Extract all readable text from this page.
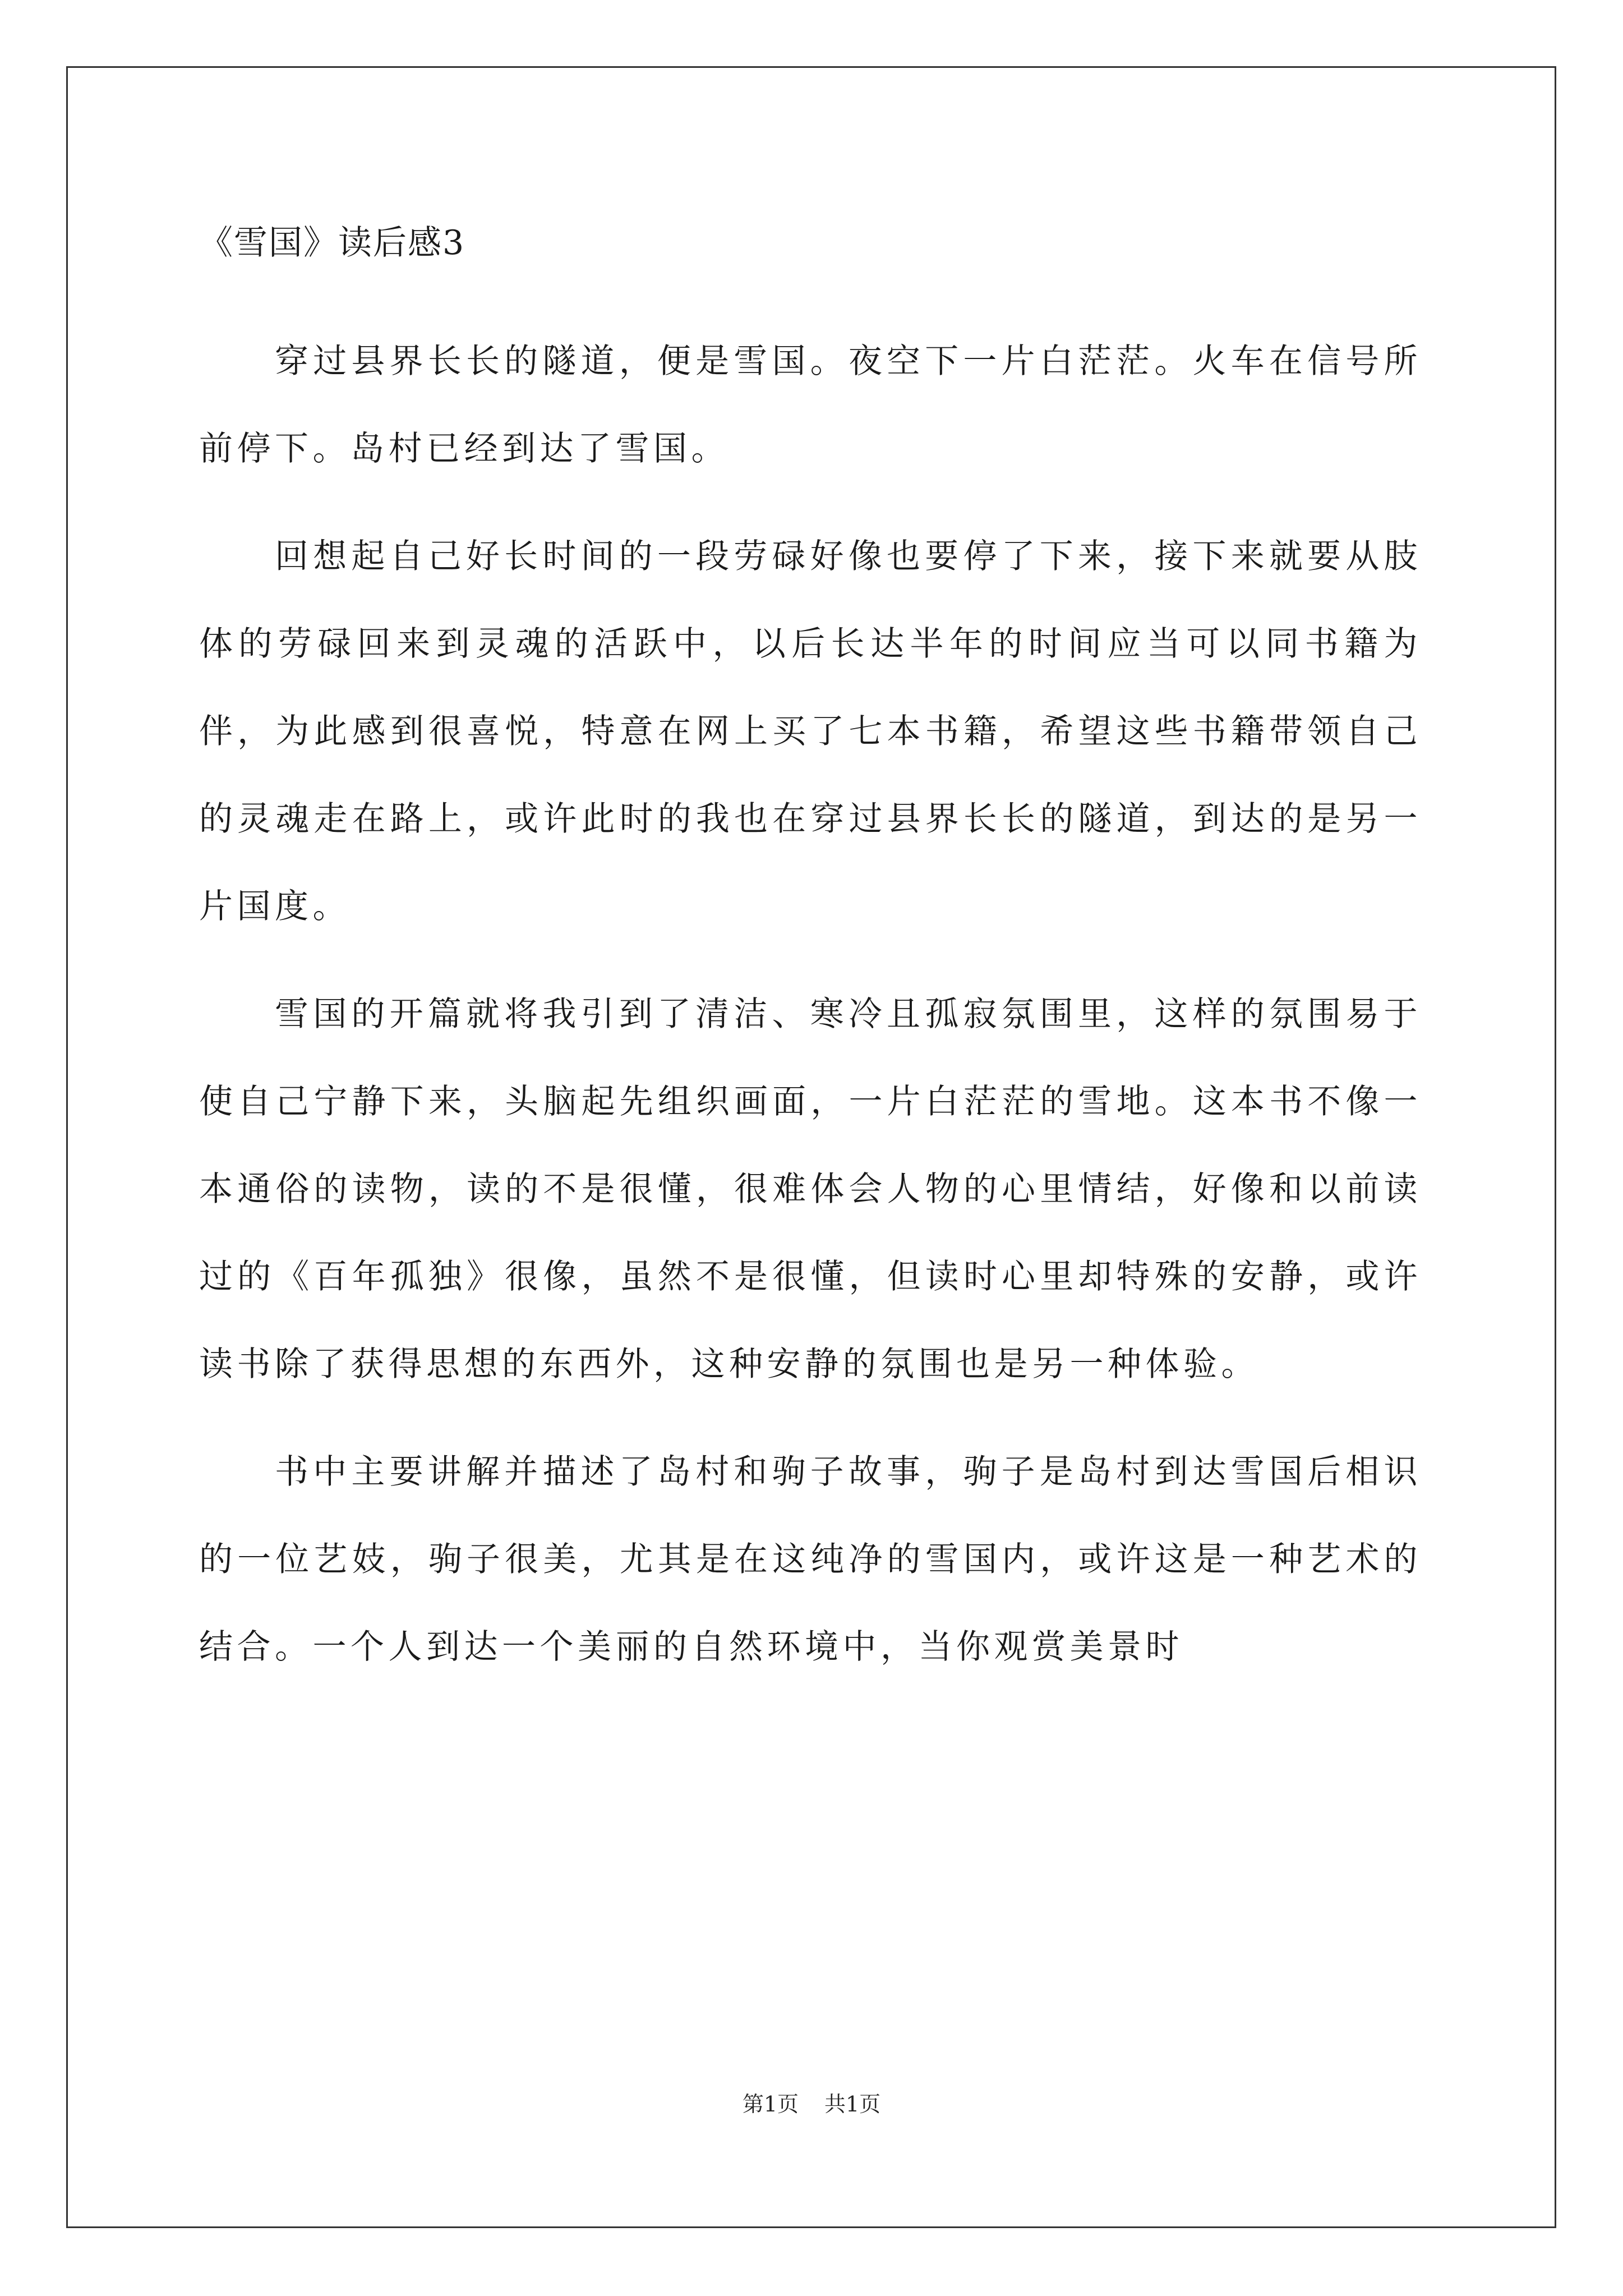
《雪国》读后感3

穿过县界长长的隧道，便是雪国。夜空下一片白茫茫。火车在信号所前停下。岛村已经到达了雪国。

回想起自己好长时间的一段劳碌好像也要停了下来，接下来就要从肢体的劳碌回来到灵魂的活跃中，以后长达半年的时间应当可以同书籍为伴，为此感到很喜悦，特意在网上买了七本书籍，希望这些书籍带领自己的灵魂走在路上，或许此时的我也在穿过县界长长的隧道，到达的是另一片国度。

雪国的开篇就将我引到了清洁、寒冷且孤寂氛围里，这样的氛围易于使自己宁静下来，头脑起先组织画面，一片白茫茫的雪地。这本书不像一本通俗的读物，读的不是很懂，很难体会人物的心里情结，好像和以前读过的《百年孤独》很像，虽然不是很懂，但读时心里却特殊的安静，或许读书除了获得思想的东西外，这种安静的氛围也是另一种体验。

书中主要讲解并描述了岛村和驹子故事，驹子是岛村到达雪国后相识的一位艺妓，驹子很美，尤其是在这纯净的雪国内，或许这是一种艺术的结合。一个人到达一个美丽的自然环境中，当你观赏美景时

第1页 共1页
